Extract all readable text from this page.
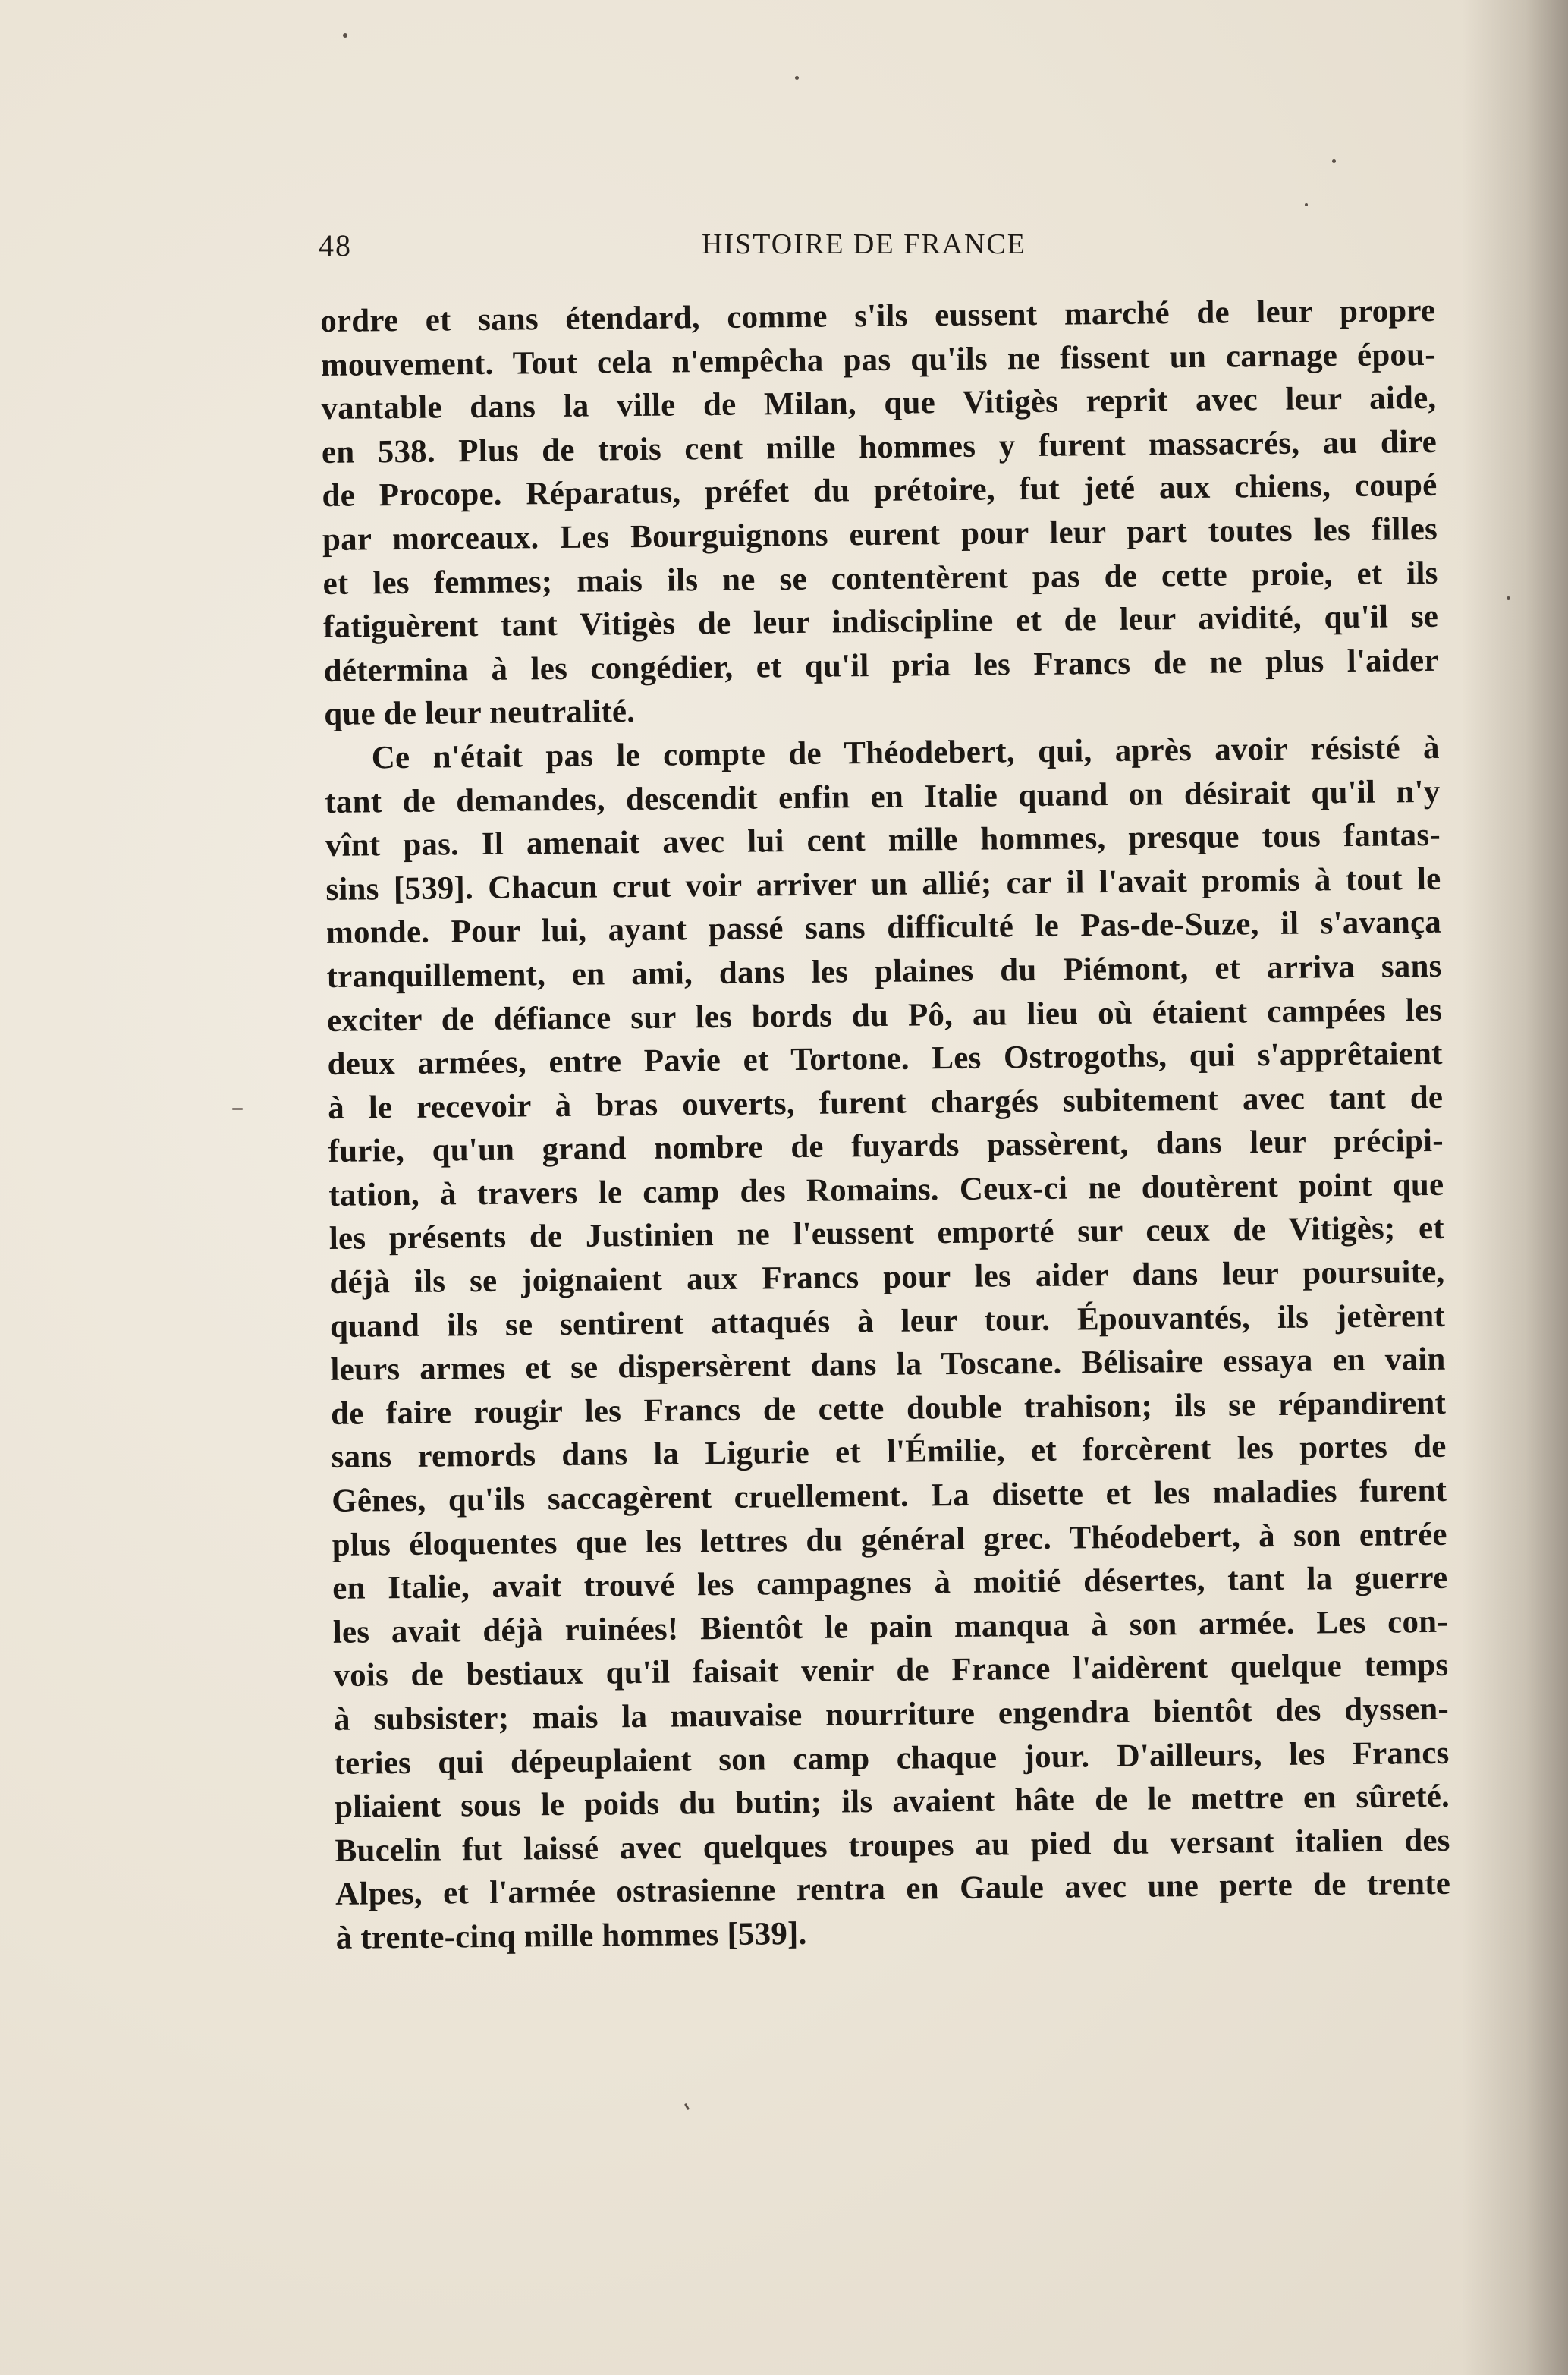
48	HISTOIRE DE FRANCE
ordre et sans étendard, comme s'ils eussent marché de leur propre
mouvement. Tout cela n'empêcha pas qu'ils ne fissent un carnage épou-
vantable dans la ville de Milan, que Vitigès reprit avec leur aide,
en 538. Plus de trois cent mille hommes y furent massacrés, au dire
de Procope. Réparatus, préfet du prétoire, fut jeté aux chiens, coupé
par morceaux. Les Bourguignons eurent pour leur part toutes les filles
et les femmes; mais ils ne se contentèrent pas de cette proie, et ils
fatiguèrent tant Vitigès de leur indiscipline et de leur avidité, qu'il se
détermina à les congédier, et qu'il pria les Francs de ne plus l'aider
que de leur neutralité.
Ce n'était pas le compte de Théodebert, qui, après avoir résisté à
tant de demandes, descendit enfin en Italie quand on désirait qu'il n'y
vînt pas. Il amenait avec lui cent mille hommes, presque tous fantas-
sins [539]. Chacun crut voir arriver un allié; car il l'avait promis à tout le
monde. Pour lui, ayant passé sans difficulté le Pas-de-Suze, il s'avança
tranquillement, en ami, dans les plaines du Piémont, et arriva sans
exciter de défiance sur les bords du Pô, au lieu où étaient campées les
deux armées, entre Pavie et Tortone. Les Ostrogoths, qui s'apprêtaient
à le recevoir à bras ouverts, furent chargés subitement avec tant de
furie, qu'un grand nombre de fuyards passèrent, dans leur précipi-
tation, à travers le camp des Romains. Ceux-ci ne doutèrent point que
les présents de Justinien ne l'eussent emporté sur ceux de Vitigès; et
déjà ils se joignaient aux Francs pour les aider dans leur poursuite,
quand ils se sentirent attaqués à leur tour. Épouvantés, ils jetèrent
leurs armes et se dispersèrent dans la Toscane. Bélisaire essaya en vain
de faire rougir les Francs de cette double trahison; ils se répandirent
sans remords dans la Ligurie et l'Émilie, et forcèrent les portes de
Gênes, qu'ils saccagèrent cruellement. La disette et les maladies furent
plus éloquentes que les lettres du général grec. Théodebert, à son entrée
en Italie, avait trouvé les campagnes à moitié désertes, tant la guerre
les avait déjà ruinées! Bientôt le pain manqua à son armée. Les con-
vois de bestiaux qu'il faisait venir de France l'aidèrent quelque temps
à subsister; mais la mauvaise nourriture engendra bientôt des dyssen-
teries qui dépeuplaient son camp chaque jour. D'ailleurs, les Francs
pliaient sous le poids du butin; ils avaient hâte de le mettre en sûreté.
Bucelin fut laissé avec quelques troupes au pied du versant italien des
Alpes, et l'armée ostrasienne rentra en Gaule avec une perte de trente
à trente-cinq mille hommes [539].
